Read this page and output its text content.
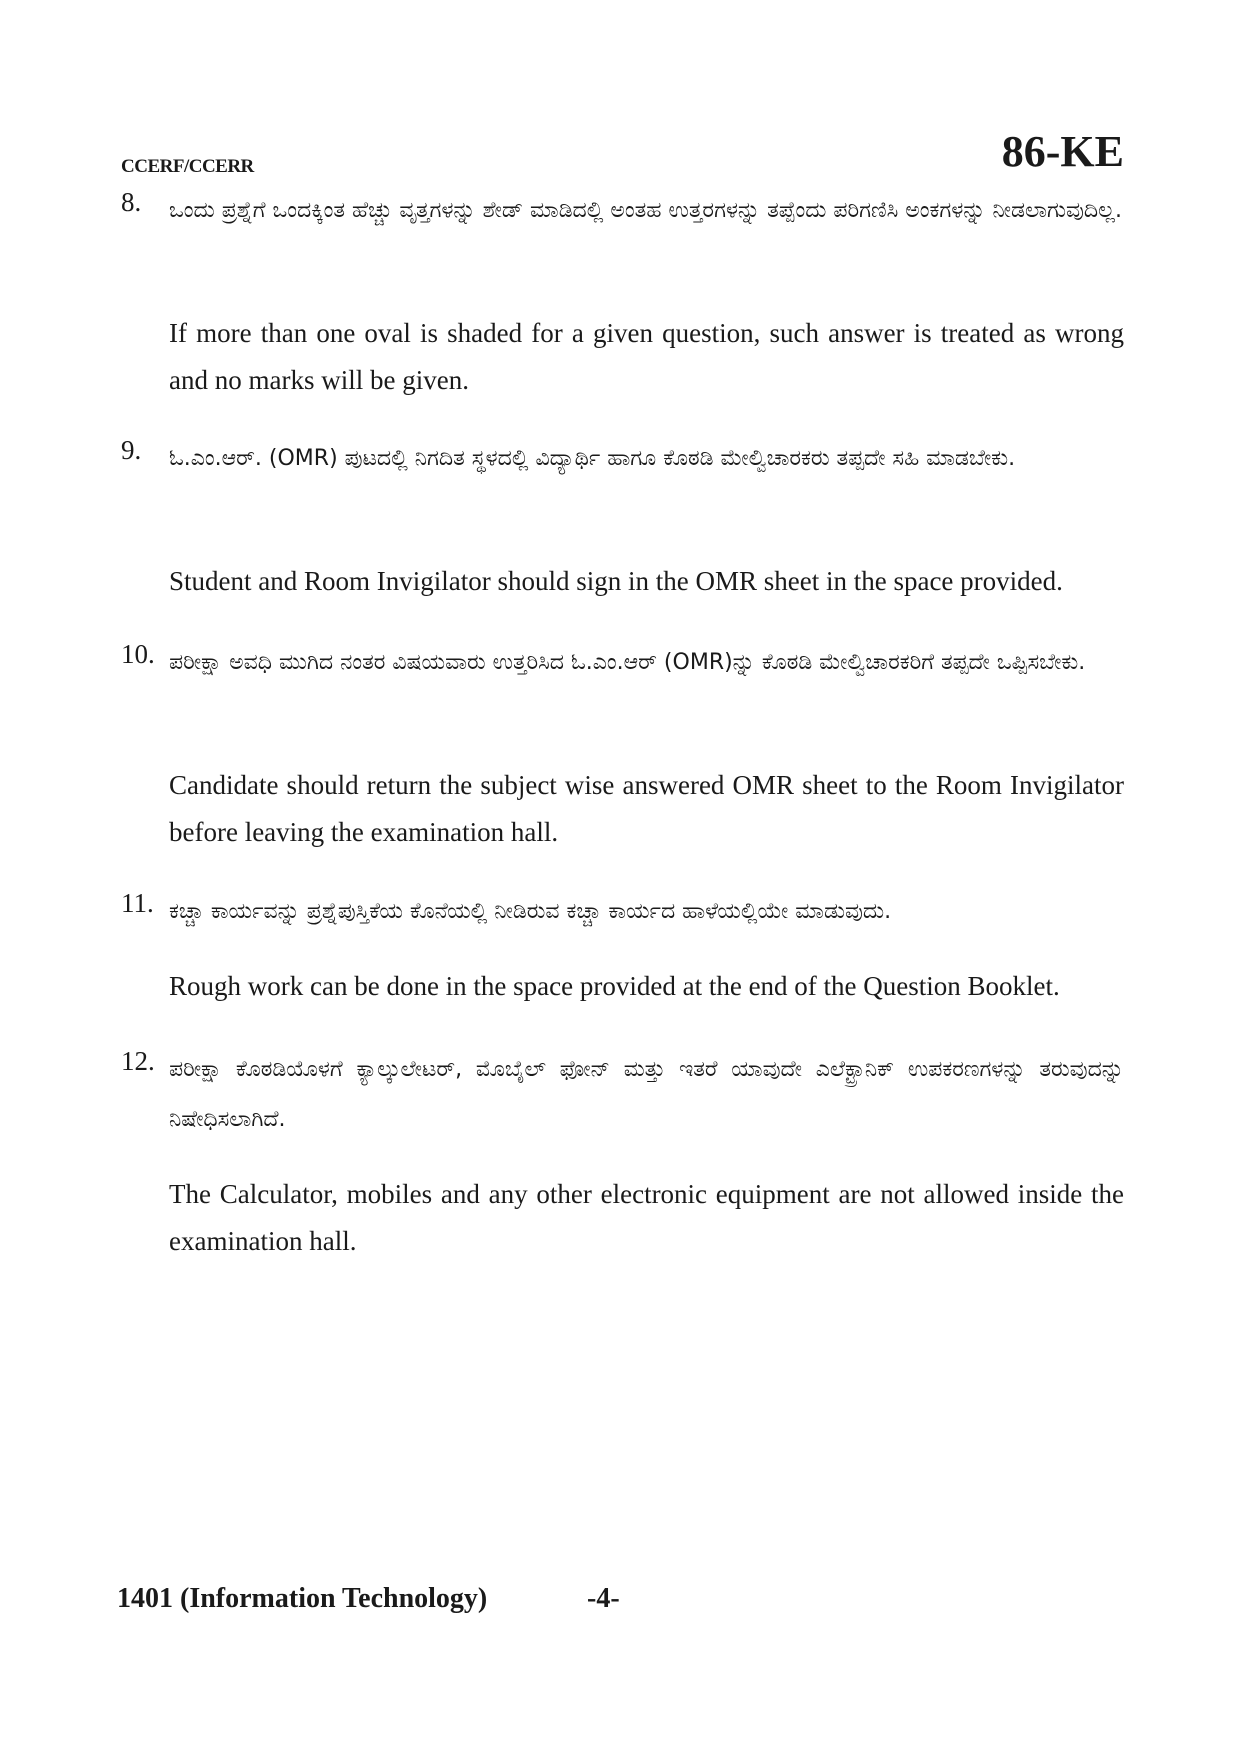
CCERF/CCERR	86-KE
8. ಒಂದು ಪ್ರಶ್ನೆಗೆ ಒಂದಕ್ಕಿಂತ ಹೆಚ್ಚು ವೃತ್ತಗಳನ್ನು ಶೇಡ್ ಮಾಡಿದಲ್ಲಿ ಅಂತಹ ಉತ್ತರಗಳನ್ನು ತಪ್ಪೆಂದು ಪರಿಗಣಿಸಿ ಅಂಕಗಳನ್ನು ನೀಡಲಾಗುವುದಿಲ್ಲ.

If more than one oval is shaded for a given question, such answer is treated as wrong and no marks will be given.

9. ಓ.ಎಂ.ಆರ್. (OMR) ಪುಟದಲ್ಲಿ ನಿಗದಿತ ಸ್ಥಳದಲ್ಲಿ ವಿದ್ಯಾರ್ಥಿ ಹಾಗೂ ಕೊಠಡಿ ಮೇಲ್ವಿಚಾರಕರು ತಪ್ಪದೇ ಸಹಿ ಮಾಡಬೇಕು.

Student and Room Invigilator should sign in the OMR sheet in the space provided.

10. ಪರೀಕ್ಷಾ ಅವಧಿ ಮುಗಿದ ನಂತರ ವಿಷಯವಾರು ಉತ್ತರಿಸಿದ ಓ.ಎಂ.ಆರ್ (OMR)ನ್ನು ಕೊಠಡಿ ಮೇಲ್ವಿಚಾರಕರಿಗೆ ತಪ್ಪದೇ ಒಪ್ಪಿಸಬೇಕು.

Candidate should return the subject wise answered OMR sheet to the Room Invigilator before leaving the examination hall.

11. ಕಚ್ಚಾ ಕಾರ್ಯವನ್ನು ಪ್ರಶ್ನೆಪುಸ್ತಿಕೆಯ ಕೊನೆಯಲ್ಲಿ ನೀಡಿರುವ ಕಚ್ಚಾ ಕಾರ್ಯದ ಹಾಳೆಯಲ್ಲಿಯೇ ಮಾಡುವುದು.

Rough work can be done in the space provided at the end of the Question Booklet.

12. ಪರೀಕ್ಷಾ ಕೊಠಡಿಯೊಳಗೆ ಕ್ಯಾಲ್ಕುಲೇಟರ್, ಮೊಬೈಲ್ ಫೋನ್ ಮತ್ತು ಇತರೆ ಯಾವುದೇ ಎಲೆಕ್ಟ್ರಾನಿಕ್ ಉಪಕರಣಗಳನ್ನು ತರುವುದನ್ನು ನಿಷೇಧಿಸಲಾಗಿದೆ.

The Calculator, mobiles and any other electronic equipment are not allowed inside the examination hall.

1401 (Information Technology)	-4-
